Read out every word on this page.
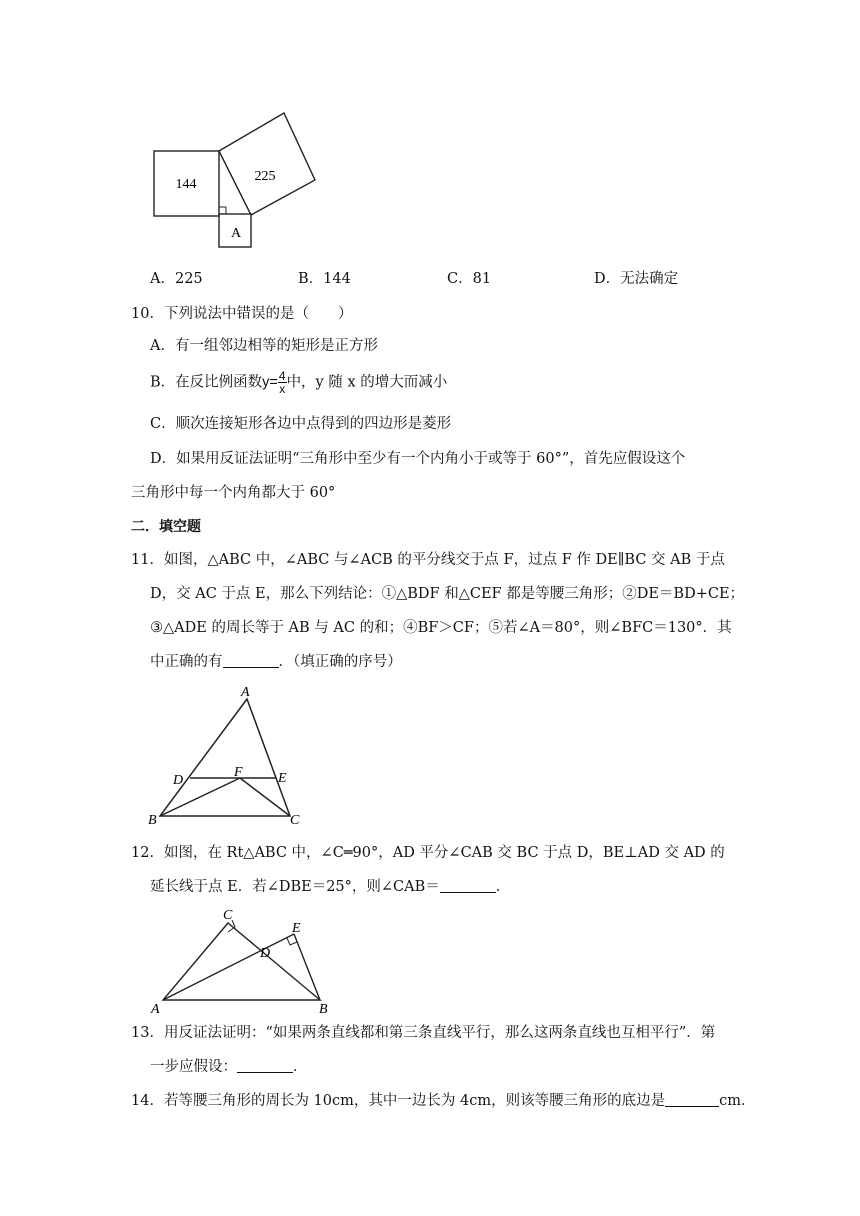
144
225
A
A．225	B．144	C．81	D．无法确定
10．下列说法中错误的是（　　）
A．有一组邻边相等的矩形是正方形
B．在反比例函数$y= \frac{4}{x}$ 中，y 随 x 的增大而减小
C．顺次连接矩形各边中点得到的四边形是菱形
D．如果用反证法证明“三角形中至少有一个内角小于或等于 60°”，首先应假设这个
三角形中每一个内角都大于 60°
二．填空题
11．如图，△ABC 中，∠ABC 与∠ACB 的平分线交于点 F，过点 F 作 DE∥BC 交 AB 于点
D，交 AC 于点 E，那么下列结论：①△BDF 和△CEF 都是等腰三角形；②DE＝BD+CE；
③△ADE 的周长等于 AB 与 AC 的和；④BF＞CF；⑤若∠A＝80°，则∠BFC＝130°．其
中正确的有	．（填正确的序号）
A
B	C
D	E
F
12．如图，在 Rt△ABC 中，∠C═90°，AD 平分∠CAB 交 BC 于点 D，BE⊥AD 交 AD 的
延长线于点 E．若∠DBE＝25°，则∠CAB＝	．
C
A	B
D
E
13．用反证法证明：“如果两条直线都和第三条直线平行，那么这两条直线也互相平行”．第
一步应假设：	．
14．若等腰三角形的周长为 10cm，其中一边长为 4cm，则该等腰三角形的底边是	cm．
